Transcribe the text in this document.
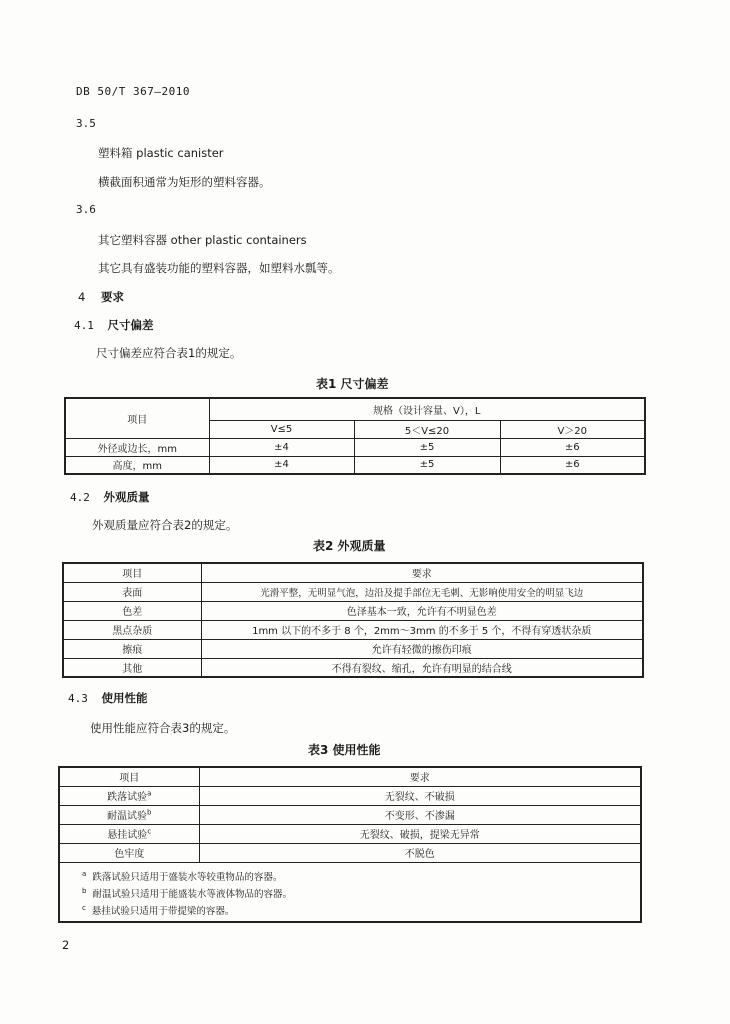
DB 50/T 367—2010
3.5
塑料箱 plastic canister
横截面积通常为矩形的塑料容器。
3.6
其它塑料容器 other plastic containers
其它具有盛装功能的塑料容器，如塑料水瓢等。
4 要求
4.1 尺寸偏差
尺寸偏差应符合表1的规定。
表1 尺寸偏差
项目	规格（设计容量、V），L		
	V≤5	5＜V≤20	V＞20
外径或边长，mm	±4	±5	±6
高度，mm	±4	±5	±6
4.2 外观质量
外观质量应符合表2的规定。
表2 外观质量
项目	要求
表面	光滑平整，无明显气泡，边沿及提手部位无毛刺、无影响使用安全的明显飞边
色差	色泽基本一致，允许有不明显色差
黑点杂质	1mm 以下的不多于 8 个，2mm～3mm 的不多于 5 个，不得有穿透状杂质
擦痕	允许有轻微的擦伤印痕
其他	不得有裂纹、缩孔，允许有明显的结合线
4.3 使用性能
使用性能应符合表3的规定。
表3 使用性能
项目	要求
跌落试验$^a$	无裂纹、不破损
耐温试验$^b$	不变形、不渗漏
悬挂试验$^c$	无裂纹、破损，提梁无异常
色牢度	不脱色

$^a$ 跌落试验只适用于盛装水等较重物品的容器。
$^b$ 耐温试验只适用于能盛装水等液体物品的容器。
$^c$ 悬挂试验只适用于带提梁的容器。	
2
